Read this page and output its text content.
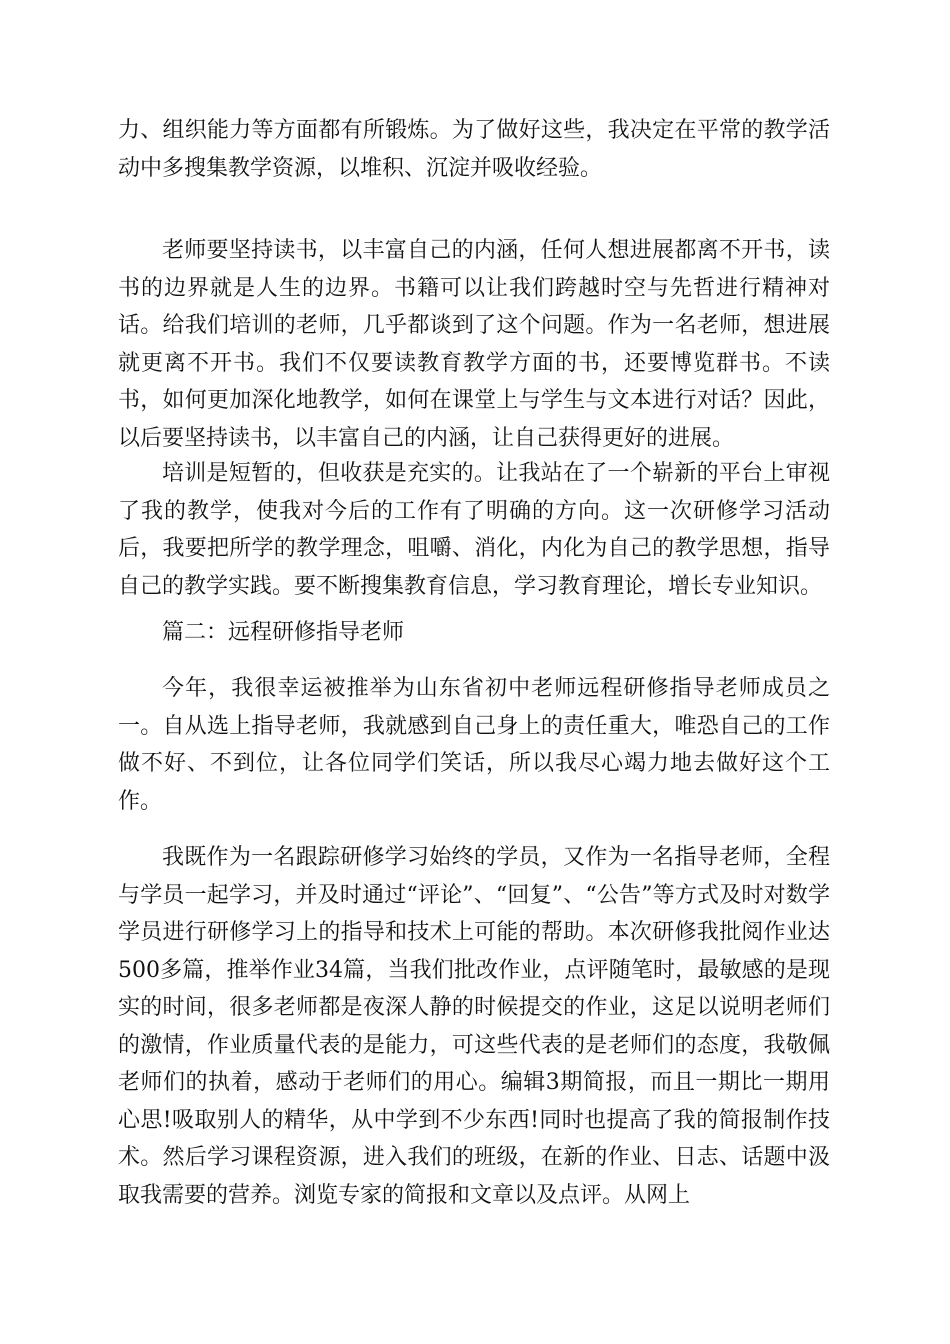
力、组织能力等方面都有所锻炼。为了做好这些，我决定在平常的教学活动中多搜集教学资源，以堆积、沉淀并吸收经验。

老师要坚持读书，以丰富自己的内涵，任何人想进展都离不开书，读书的边界就是人生的边界。书籍可以让我们跨越时空与先哲进行精神对话。给我们培训的老师，几乎都谈到了这个问题。作为一名老师，想进展就更离不开书。我们不仅要读教育教学方面的书，还要博览群书。不读书，如何更加深化地教学，如何在课堂上与学生与文本进行对话？因此，以后要坚持读书，以丰富自己的内涵，让自己获得更好的进展。

培训是短暂的，但收获是充实的。让我站在了一个崭新的平台上审视了我的教学，使我对今后的工作有了明确的方向。这一次研修学习活动后，我要把所学的教学理念，咀嚼、消化，内化为自己的教学思想，指导自己的教学实践。要不断搜集教育信息，学习教育理论，增长专业知识。

篇二：远程研修指导老师

今年，我很幸运被推举为山东省初中老师远程研修指导老师成员之一。自从选上指导老师，我就感到自己身上的责任重大，唯恐自己的工作做不好、不到位，让各位同学们笑话，所以我尽心竭力地去做好这个工作。

我既作为一名跟踪研修学习始终的学员，又作为一名指导老师，全程与学员一起学习，并及时通过“评论”、“回复”、“公告”等方式及时对数学学员进行研修学习上的指导和技术上可能的帮助。本次研修我批阅作业达500多篇，推举作业34篇，当我们批改作业，点评随笔时，最敏感的是现实的时间，很多老师都是夜深人静的时候提交的作业，这足以说明老师们的激情，作业质量代表的是能力，可这些代表的是老师们的态度，我敬佩老师们的执着，感动于老师们的用心。编辑3期简报，而且一期比一期用心思!吸取别人的精华，从中学到不少东西!同时也提高了我的简报制作技术。然后学习课程资源，进入我们的班级，在新的作业、日志、话题中汲取我需要的营养。浏览专家的简报和文章以及点评。从网上
